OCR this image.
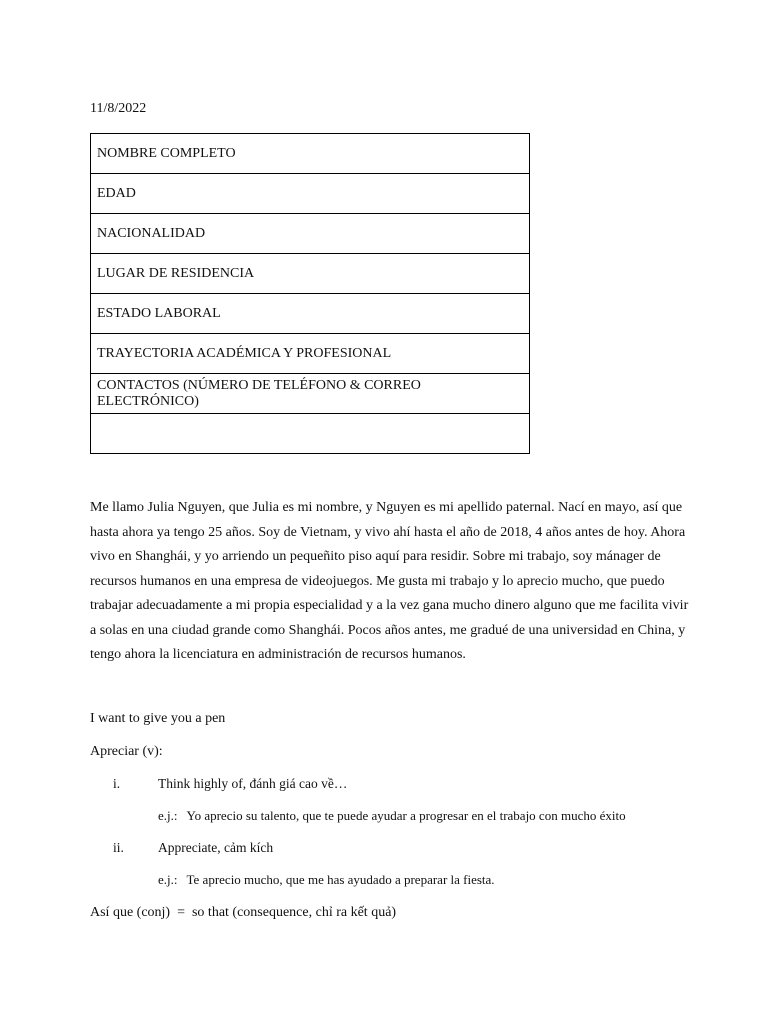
11/8/2022
NOMBRE COMPLETO
EDAD
NACIONALIDAD
LUGAR DE RESIDENCIA
ESTADO LABORAL
TRAYECTORIA ACADÉMICA Y PROFESIONAL
CONTACTOS (NÚMERO DE TELÉFONO & CORREO ELECTRÓNICO)

Me llamo Julia Nguyen, que Julia es mi nombre, y Nguyen es mi apellido paternal. Nací en mayo, así que hasta ahora ya tengo 25 años. Soy de Vietnam, y vivo ahí hasta el año de 2018, 4 años antes de hoy. Ahora vivo en Shanghái, y yo arriendo un pequeñito piso aquí para residir. Sobre mi trabajo, soy mánager de recursos humanos en una empresa de videojuegos. Me gusta mi trabajo y lo aprecio mucho, que puedo trabajar adecuadamente a mi propia especialidad y a la vez gana mucho dinero alguno que me facilita vivir a solas en una ciudad grande como Shanghái. Pocos años antes, me gradué de una universidad en China, y tengo ahora la licenciatura en administración de recursos humanos.

I want to give you a pen
Apreciar (v):
i.	Think highly of, đánh giá cao về…
e.j.: Yo aprecio su talento, que te puede ayudar a progresar en el trabajo con mucho éxito
ii.	Appreciate, cảm kích
e.j.: Te aprecio mucho, que me has ayudado a preparar la fiesta.
Así que (conj)  =  so that (consequence, chỉ ra kết quả)
